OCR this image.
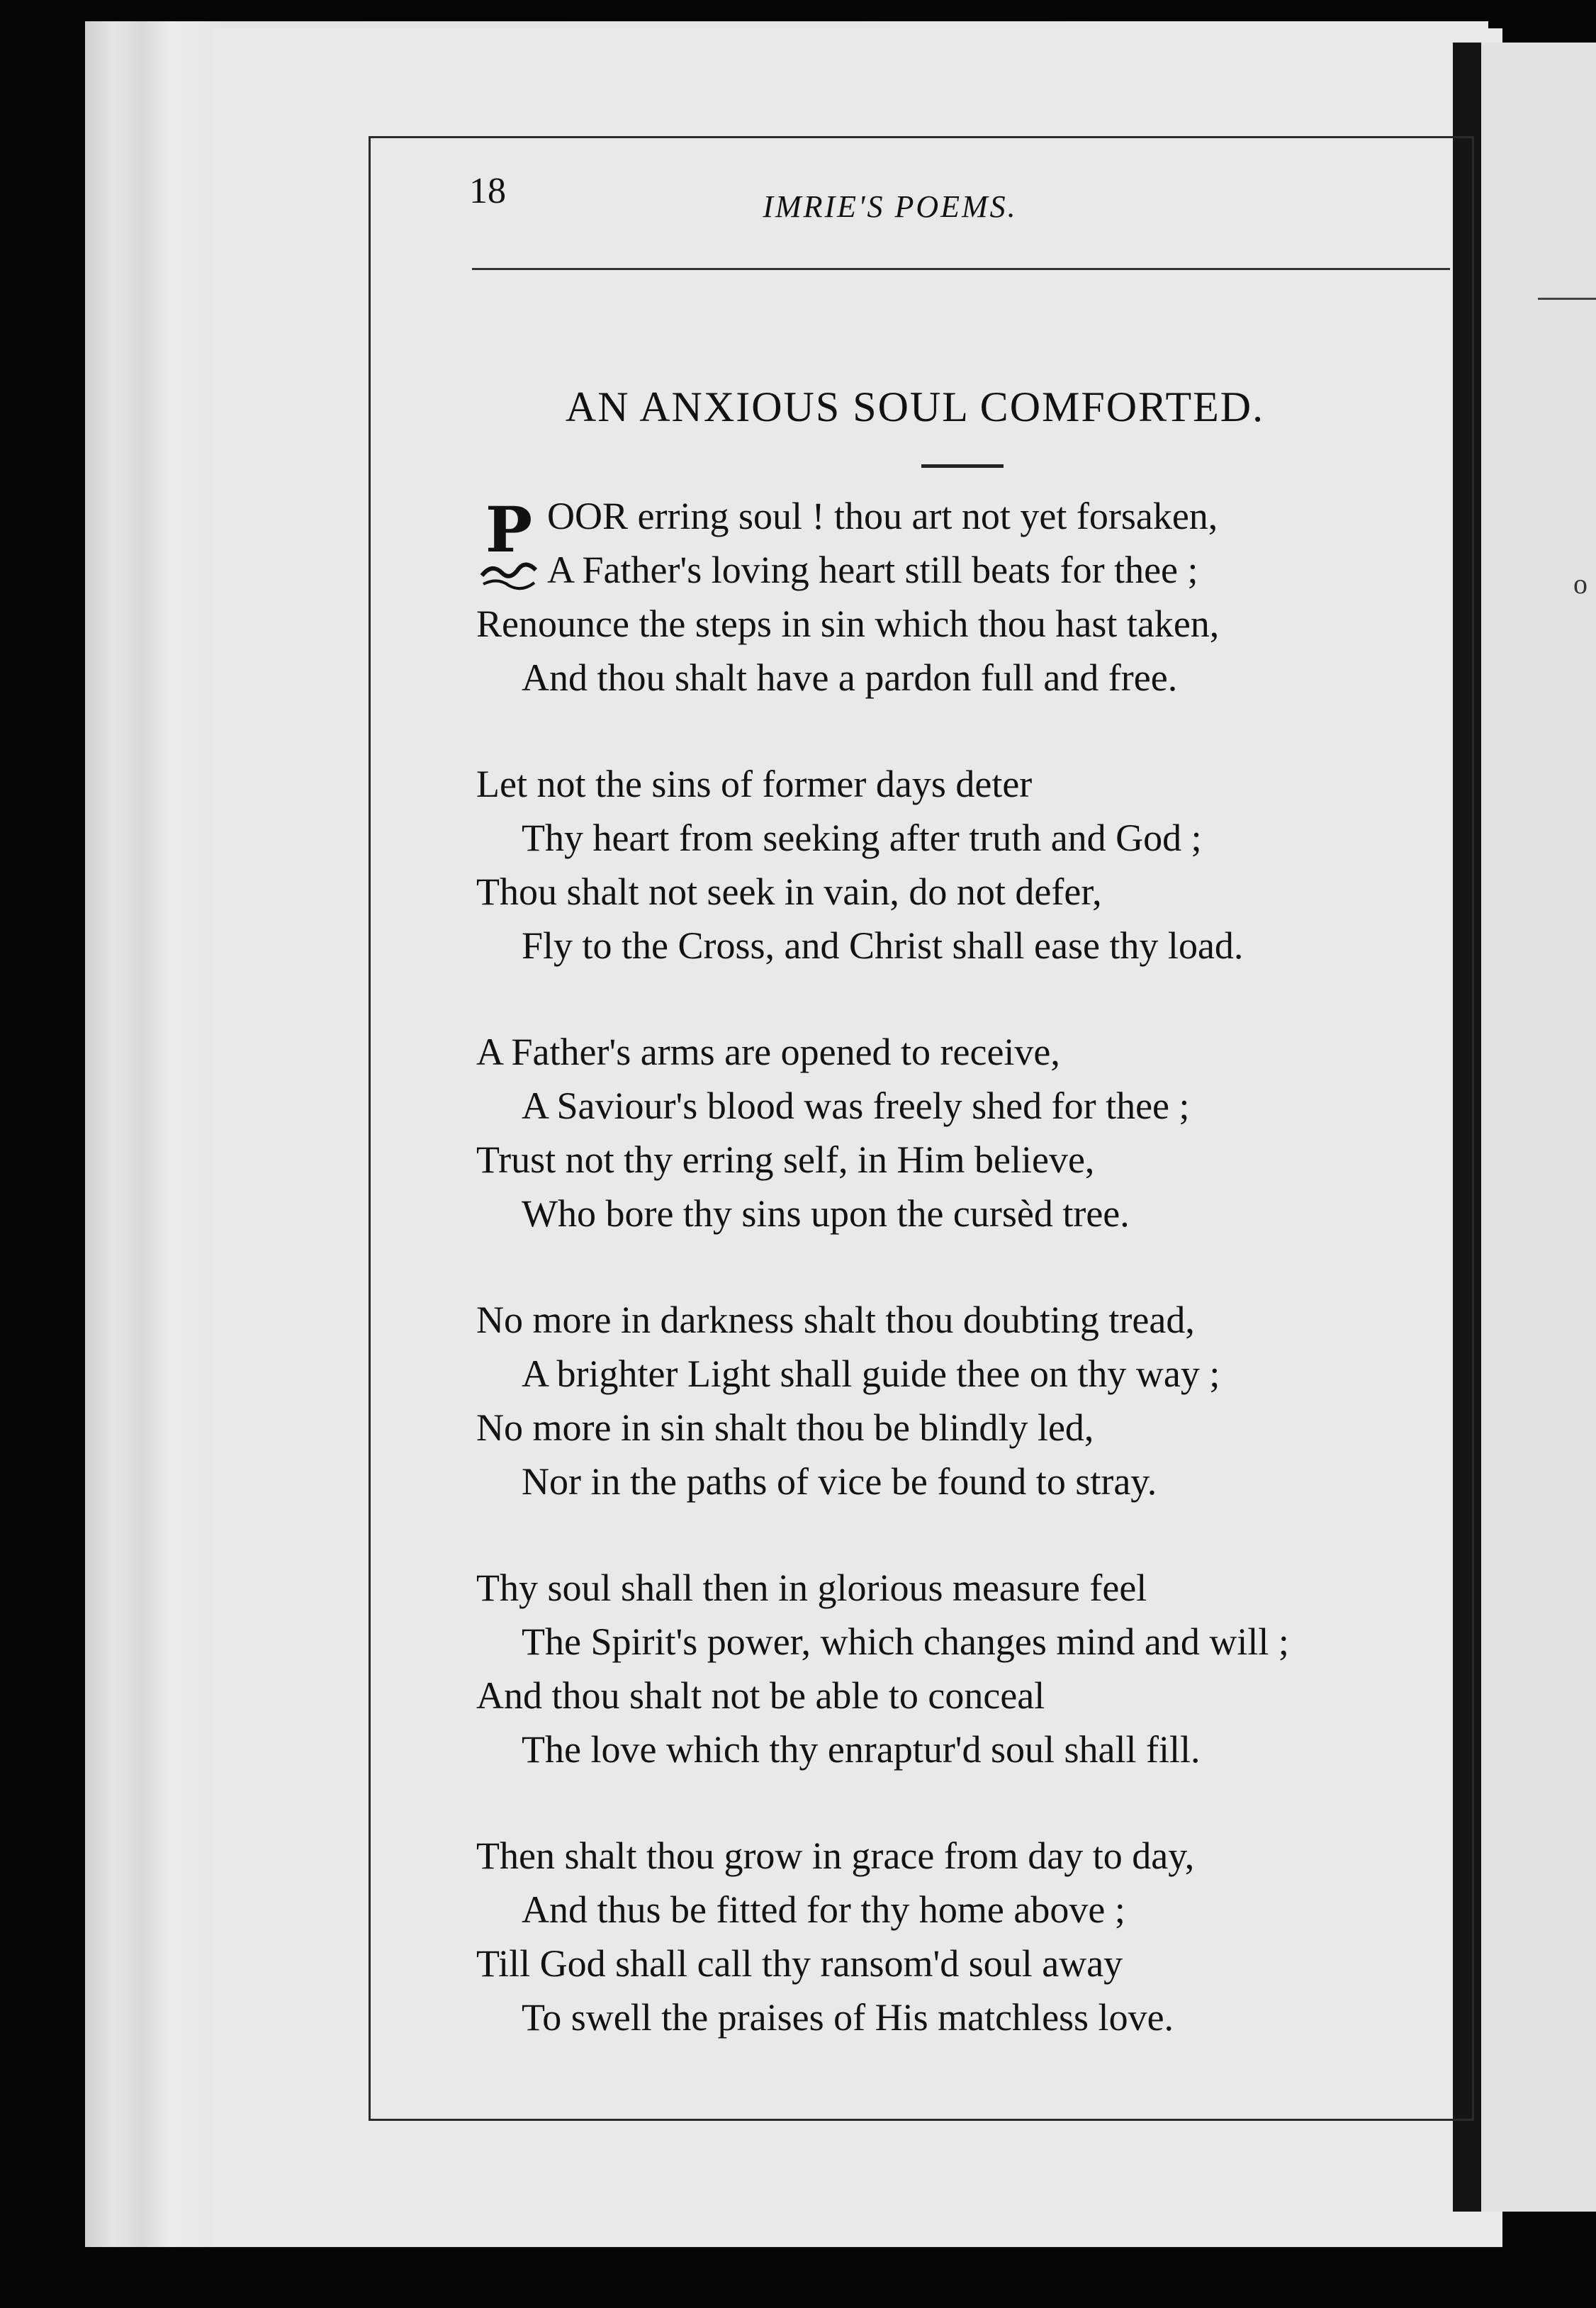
o
18	IMRIE'S POEMS.
AN ANXIOUS SOUL COMFORTED.
P OOR erring soul ! thou art not yet forsaken,
A Father's loving heart still beats for thee ;
Renounce the steps in sin which thou hast taken,
And thou shalt have a pardon full and free.
Let not the sins of former days deter
Thy heart from seeking after truth and God ;
Thou shalt not seek in vain, do not defer,
Fly to the Cross, and Christ shall ease thy load.
A Father's arms are opened to receive,
A Saviour's blood was freely shed for thee ;
Trust not thy erring self, in Him believe,
Who bore thy sins upon the cursèd tree.
No more in darkness shalt thou doubting tread,
A brighter Light shall guide thee on thy way ;
No more in sin shalt thou be blindly led,
Nor in the paths of vice be found to stray.
Thy soul shall then in glorious measure feel
The Spirit's power, which changes mind and will ;
And thou shalt not be able to conceal
The love which thy enraptur'd soul shall fill.
Then shalt thou grow in grace from day to day,
And thus be fitted for thy home above ;
Till God shall call thy ransom'd soul away
To swell the praises of His matchless love.
